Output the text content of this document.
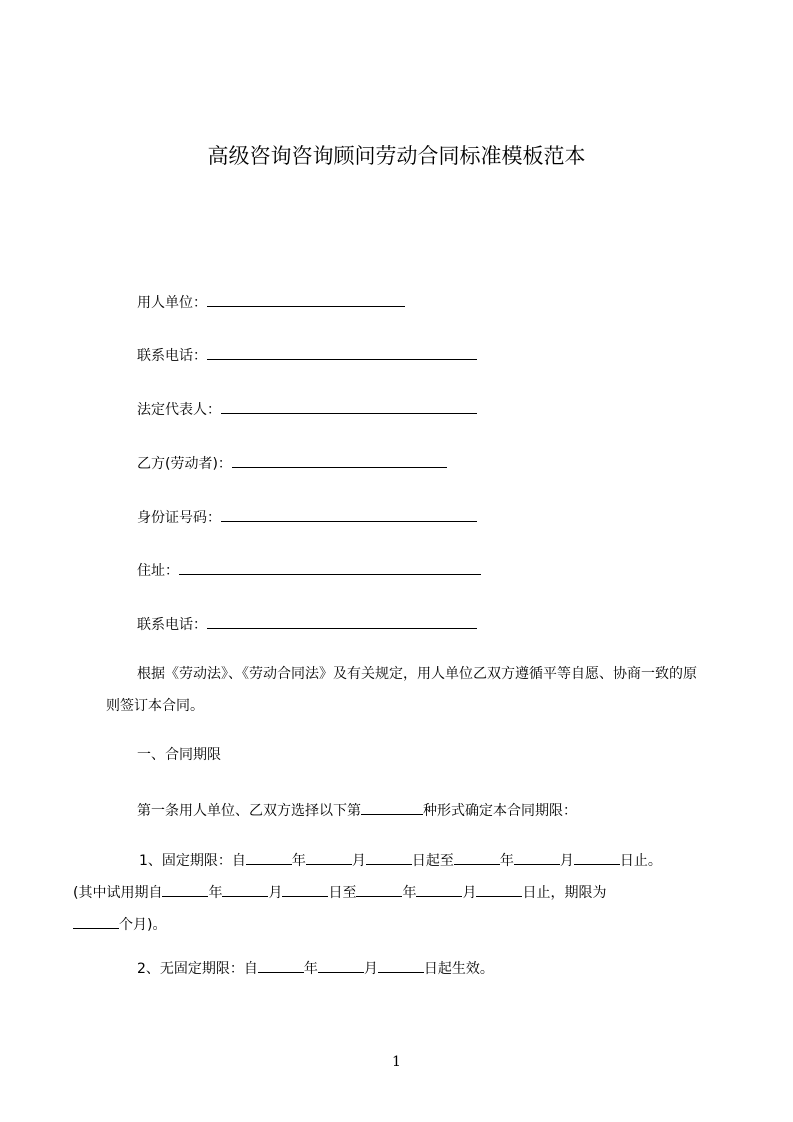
高级咨询咨询顾问劳动合同标准模板范本
用人单位：
联系电话：
法定代表人：
乙方(劳动者)：
身份证号码：
住址：
联系电话：
根据《劳动法》、《劳动合同法》及有关规定，用人单位乙双方遵循平等自愿、协商一致的原则签订本合同。
一、合同期限
第一条用人单位、乙双方选择以下第	种形式确定本合同期限：
1、固定期限：自	年	月	日起至	年	月	日止。
(其中试用期自	年	月	日至	年	月	日止，期限为
个月)。
2、无固定期限：自	年	月	日起生效。
1
